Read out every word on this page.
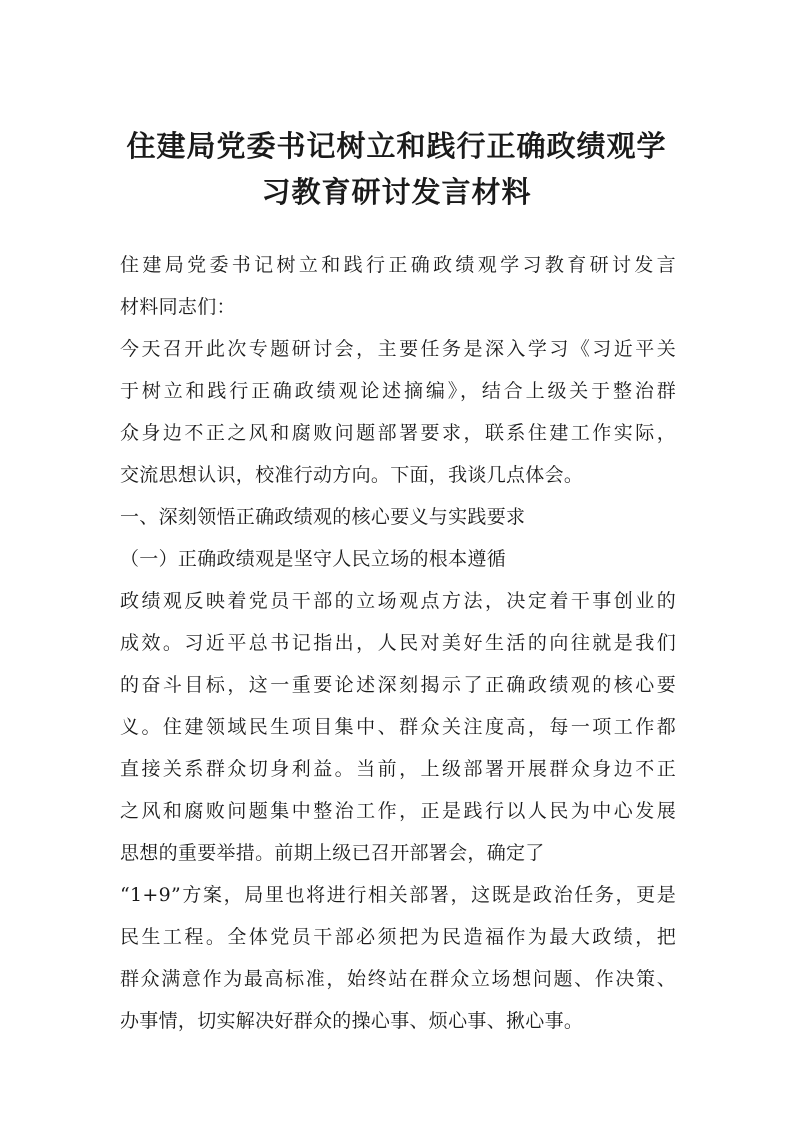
住建局党委书记树立和践行正确政绩观学
习教育研讨发言材料
住建局党委书记树立和践行正确政绩观学习教育研讨发言
材料同志们：
今天召开此次专题研讨会，主要任务是深入学习《习近平关
于树立和践行正确政绩观论述摘编》，结合上级关于整治群
众身边不正之风和腐败问题部署要求，联系住建工作实际，
交流思想认识，校准行动方向。下面，我谈几点体会。
一、深刻领悟正确政绩观的核心要义与实践要求
（一）正确政绩观是坚守人民立场的根本遵循
政绩观反映着党员干部的立场观点方法，决定着干事创业的
成效。习近平总书记指出，人民对美好生活的向往就是我们
的奋斗目标，这一重要论述深刻揭示了正确政绩观的核心要
义。住建领域民生项目集中、群众关注度高，每一项工作都
直接关系群众切身利益。当前，上级部署开展群众身边不正
之风和腐败问题集中整治工作，正是践行以人民为中心发展
思想的重要举措。前期上级已召开部署会，确定了
“1+9”方案，局里也将进行相关部署，这既是政治任务，更是
民生工程。全体党员干部必须把为民造福作为最大政绩，把
群众满意作为最高标准，始终站在群众立场想问题、作决策、
办事情，切实解决好群众的操心事、烦心事、揪心事。
